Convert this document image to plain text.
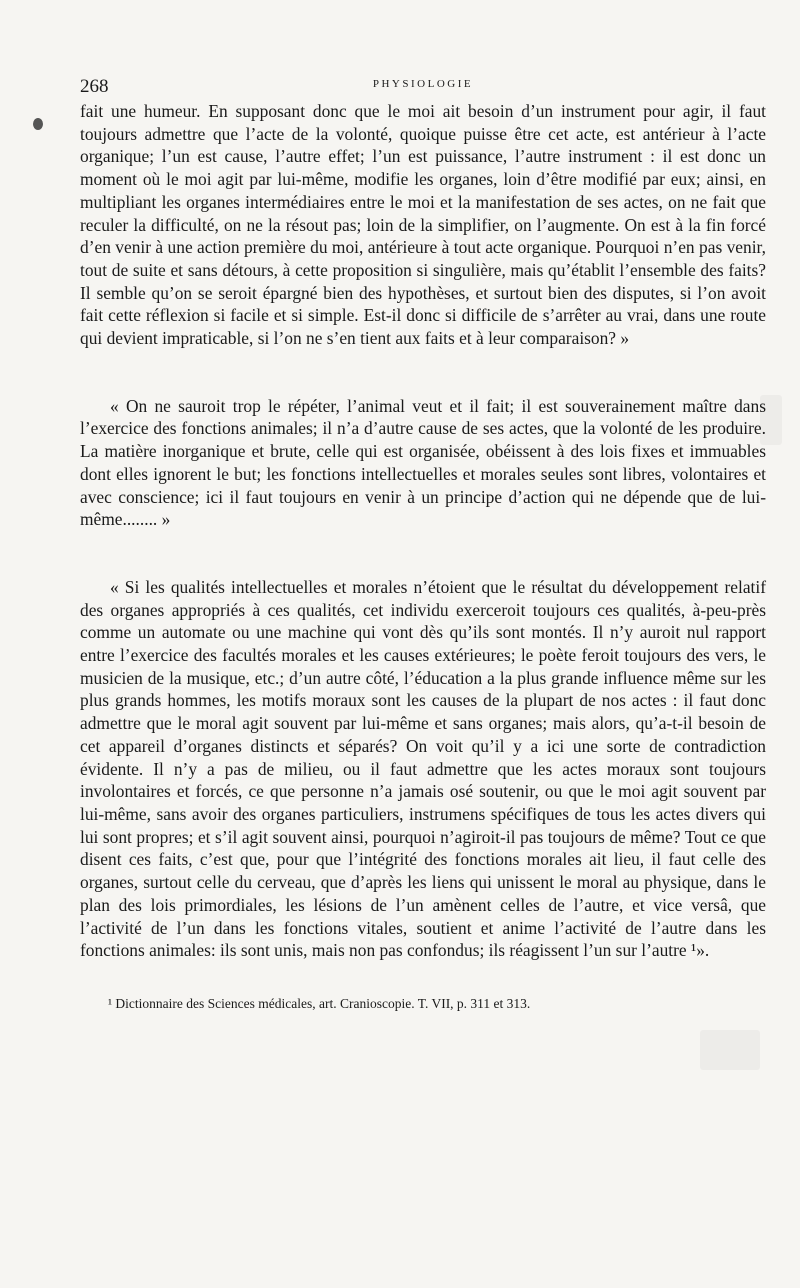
268	PHYSIOLOGIE

fait une humeur. En supposant donc que le moi ait besoin d’un instrument pour agir, il faut toujours admettre que l’acte de la volonté, quoique puisse être cet acte, est antérieur à l’acte organique; l’un est cause, l’autre effet; l’un est puissance, l’autre instrument : il est donc un moment où le moi agit par lui-même, modifie les organes, loin d’être modifié par eux; ainsi, en multipliant les organes intermédiaires entre le moi et la manifestation de ses actes, on ne fait que reculer la difficulté, on ne la résout pas; loin de la simplifier, on l’augmente. On est à la fin forcé d’en venir à une action première du moi, antérieure à tout acte organique. Pourquoi n’en pas venir, tout de suite et sans détours, à cette proposition si singulière, mais qu’établit l’ensemble des faits? Il semble qu’on se seroit épargné bien des hypothèses, et surtout bien des disputes, si l’on avoit fait cette réflexion si facile et si simple. Est-il donc si difficile de s’arrêter au vrai, dans une route qui devient impraticable, si l’on ne s’en tient aux faits et à leur comparaison? »

« On ne sauroit trop le répéter, l’animal veut et il fait; il est souverainement maître dans l’exercice des fonctions animales; il n’a d’autre cause de ses actes, que la volonté de les produire. La matière inorganique et brute, celle qui est organisée, obéissent à des lois fixes et immuables dont elles ignorent le but; les fonctions intellectuelles et morales seules sont libres, volontaires et avec conscience; ici il faut toujours en venir à un principe d’action qui ne dépende que de lui-même........ »

« Si les qualités intellectuelles et morales n’étoient que le résultat du développement relatif des organes appropriés à ces qualités, cet individu exerceroit toujours ces qualités, à-peu-près comme un automate ou une machine qui vont dès qu’ils sont montés. Il n’y auroit nul rapport entre l’exercice des facultés morales et les causes extérieures; le poète feroit toujours des vers, le musicien de la musique, etc.; d’un autre côté, l’éducation a la plus grande influence même sur les plus grands hommes, les motifs moraux sont les causes de la plupart de nos actes : il faut donc admettre que le moral agit souvent par lui-même et sans organes; mais alors, qu’a-t-il besoin de cet appareil d’organes distincts et séparés? On voit qu’il y a ici une sorte de contradiction évidente. Il n’y a pas de milieu, ou il faut admettre que les actes moraux sont toujours involontaires et forcés, ce que personne n’a jamais osé soutenir, ou que le moi agit souvent par lui-même, sans avoir des organes particuliers, instrumens spécifiques de tous les actes divers qui lui sont propres; et s’il agit souvent ainsi, pourquoi n’agiroit-il pas toujours de même? Tout ce que disent ces faits, c’est que, pour que l’intégrité des fonctions morales ait lieu, il faut celle des organes, surtout celle du cerveau, que d’après les liens qui unissent le moral au physique, dans le plan des lois primordiales, les lésions de l’un amènent celles de l’autre, et vice versâ, que l’activité de l’un dans les fonctions vitales, soutient et anime l’activité de l’autre dans les fonctions animales: ils sont unis, mais non pas confondus; ils réagissent l’un sur l’autre ¹».

¹ Dictionnaire des Sciences médicales, art. Cranioscopie. T. VII, p. 311 et 313.
